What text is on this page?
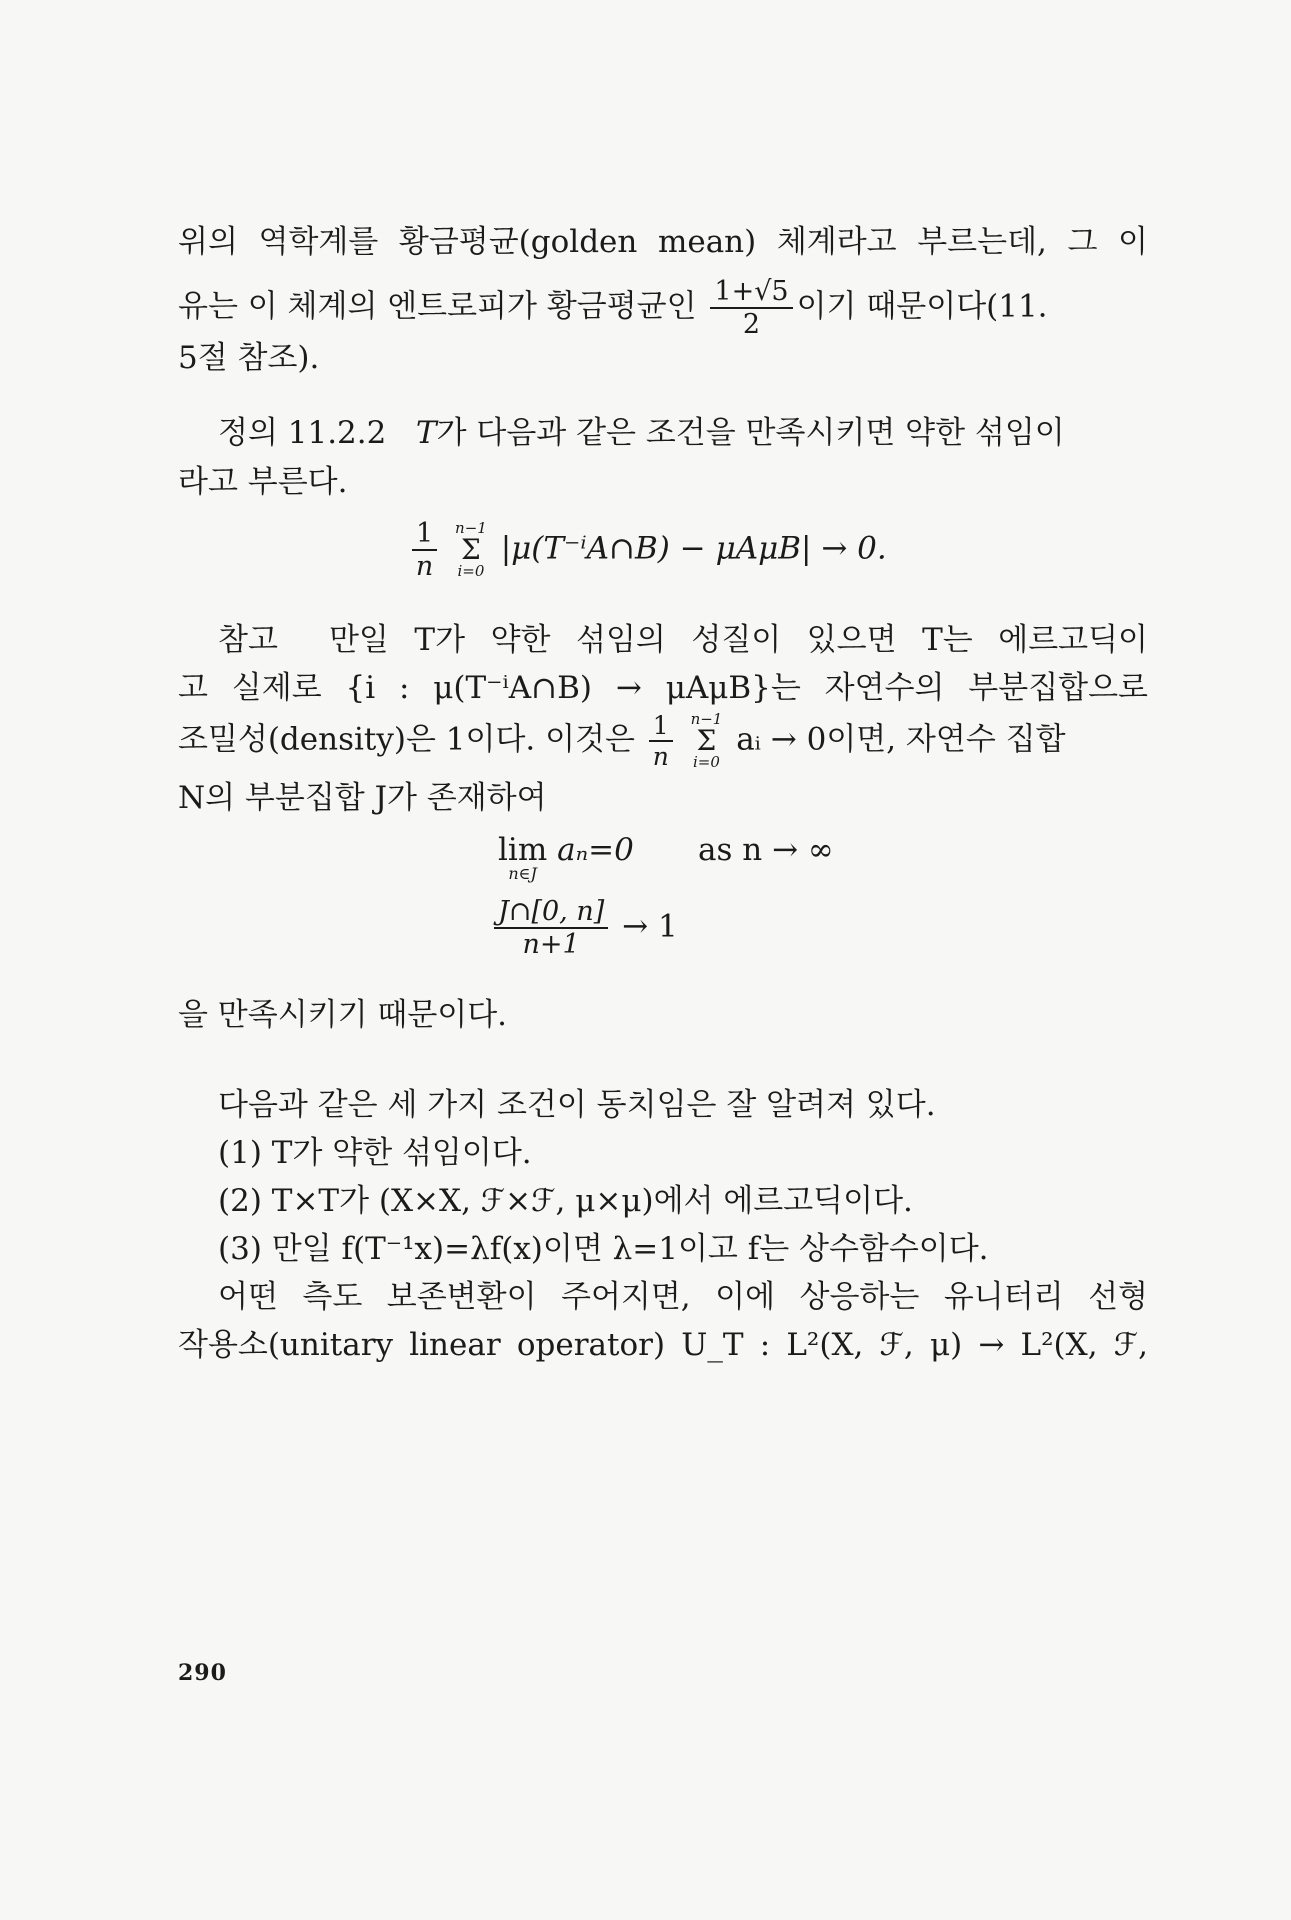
위의 역학계를 황금평균(golden mean) 체계라고 부르는데, 그 이
유는 이 체계의 엔트로피가 황금평균인 $\frac{1+√5}{2}$ 이기 때문이다(11.
5절 참조).
정의 11.2.2 T가 다음과 같은 조건을 만족시키면 약한 섞임이
라고 부른다.
$\frac{1}{n}$
n−1
Σ
i=0
|μ(T⁻ⁱA∩B) − μAμB| → 0.
참고 만일 T가 약한 섞임의 성질이 있으면 T는 에르고딕이
고 실제로 {i : μ(T⁻ⁱA∩B) → μAμB}는 자연수의 부분집합으로
조밀성(density)은 1이다. 이것은 $\frac{1}{n}$
n−1
Σ
i=0
aᵢ → 0이면, 자연수 집합
N의 부분집합 J가 존재하여
lim
n∈J
aₙ=0 as n → ∞
$\frac{J\cap[0, n]}{n+1} \to 1$
을 만족시키기 때문이다.
다음과 같은 세 가지 조건이 동치임은 잘 알려져 있다.
(1) T가 약한 섞임이다.
(2) T×T가 (X×X, ℱ×ℱ, μ×μ)에서 에르고딕이다.
(3) 만일 f(T⁻¹x)=λf(x)이면 λ=1이고 f는 상수함수이다.
어떤 측도 보존변환이 주어지면, 이에 상응하는 유니터리 선형
작용소(unitary linear operator) U_T : L²(X, ℱ, μ) → L²(X, ℱ,
290
